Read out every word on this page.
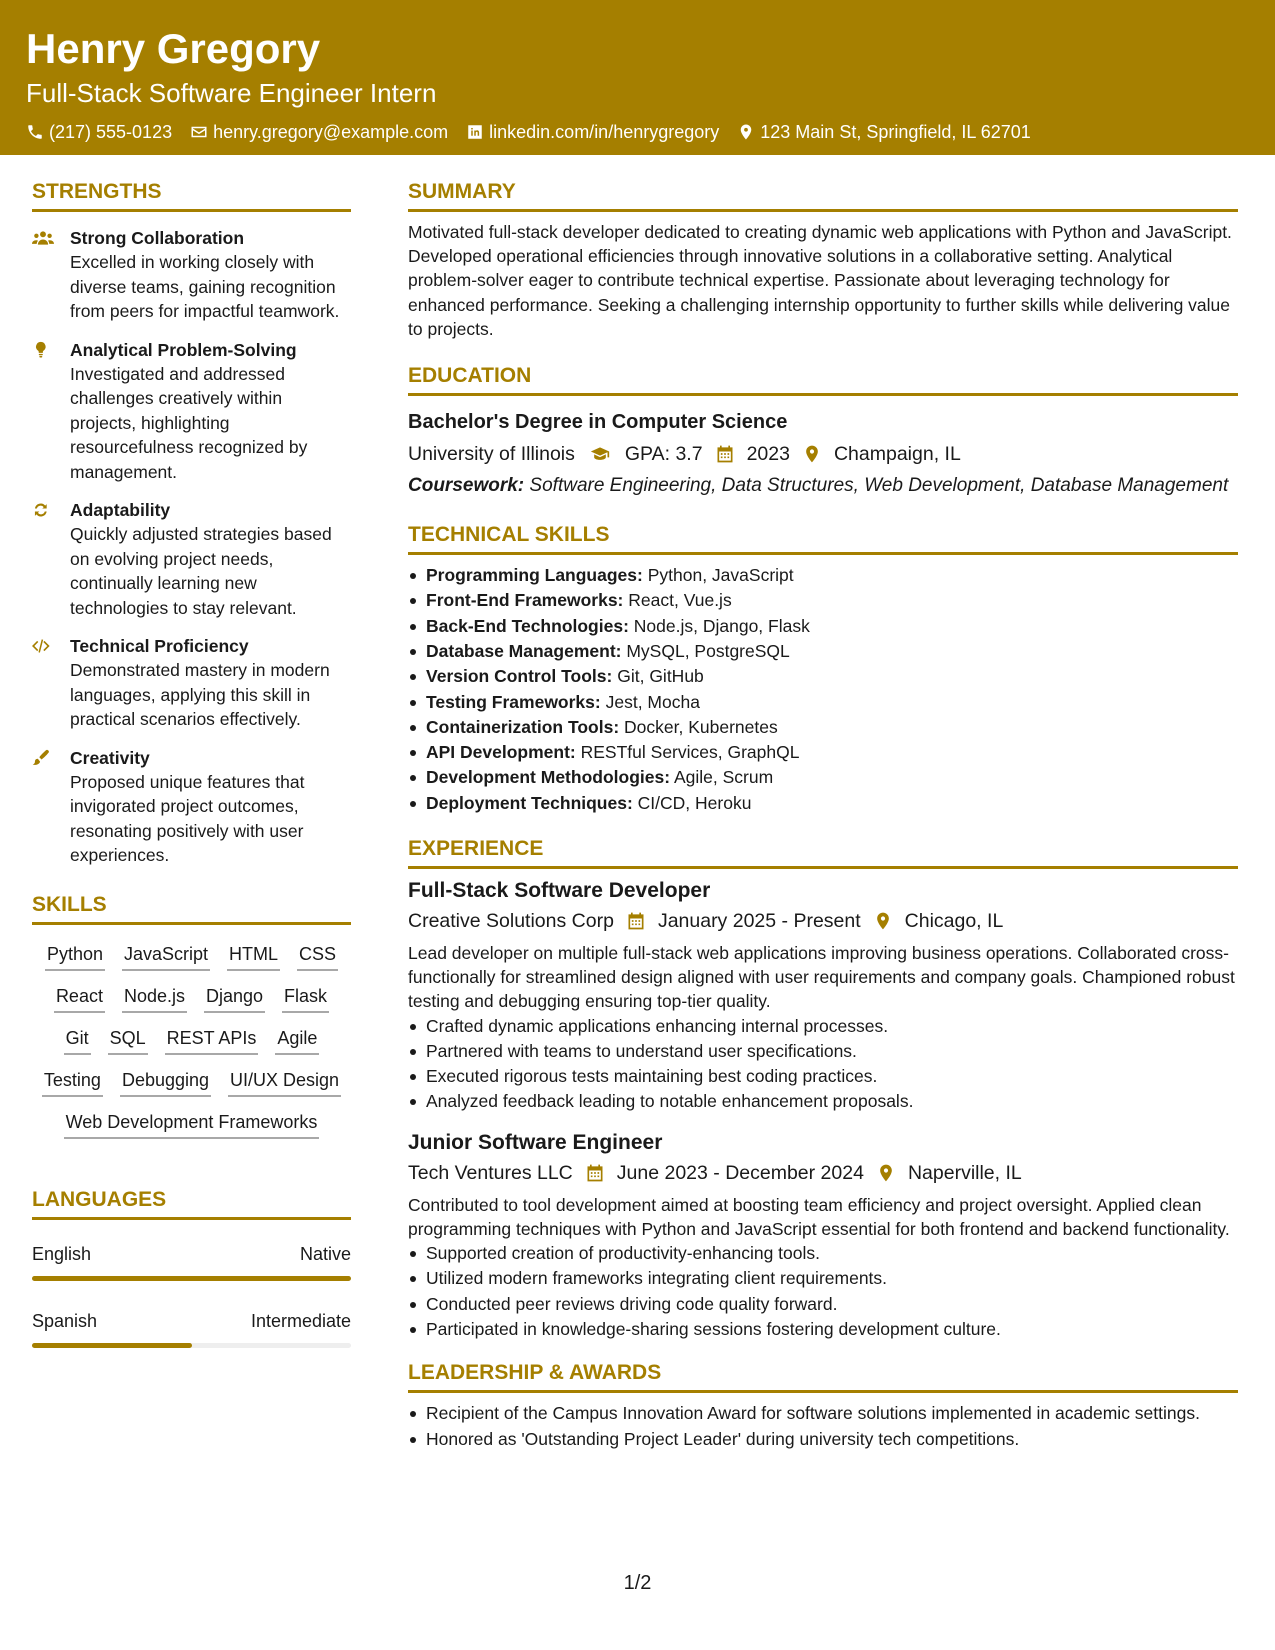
Henry Gregory
Full-Stack Software Engineer Intern
(217) 555-0123 henry.gregory@example.com linkedin.com/in/henrygregory 123 Main St, Springfield, IL 62701
STRENGTHS
Strong Collaboration
Excelled in working closely with diverse teams, gaining recognition from peers for impactful teamwork.
Analytical Problem-Solving
Investigated and addressed challenges creatively within projects, highlighting resourcefulness recognized by management.
Adaptability
Quickly adjusted strategies based on evolving project needs, continually learning new technologies to stay relevant.
Technical Proficiency
Demonstrated mastery in modern languages, applying this skill in practical scenarios effectively.
Creativity
Proposed unique features that invigorated project outcomes, resonating positively with user experiences.
SKILLS
Python JavaScript HTML CSS
React Node.js Django Flask
Git SQL REST APIs Agile
Testing Debugging UI/UX Design
Web Development Frameworks
LANGUAGES
English	Native
Spanish	Intermediate
SUMMARY
Motivated full-stack developer dedicated to creating dynamic web applications with Python and JavaScript. Developed operational efficiencies through innovative solutions in a collaborative setting. Analytical problem-solver eager to contribute technical expertise. Passionate about leveraging technology for enhanced performance. Seeking a challenging internship opportunity to further skills while delivering value to projects.
EDUCATION
Bachelor's Degree in Computer Science
University of Illinois	GPA: 3.7 2023 Champaign, IL
Coursework: Software Engineering, Data Structures, Web Development, Database Management
TECHNICAL SKILLS
Programming Languages: Python, JavaScript
Front-End Frameworks: React, Vue.js
Back-End Technologies: Node.js, Django, Flask
Database Management: MySQL, PostgreSQL
Version Control Tools: Git, GitHub
Testing Frameworks: Jest, Mocha
Containerization Tools: Docker, Kubernetes
API Development: RESTful Services, GraphQL
Development Methodologies: Agile, Scrum
Deployment Techniques: CI/CD, Heroku
EXPERIENCE
Full-Stack Software Developer
Creative Solutions Corp January 2025 - Present Chicago, IL
Lead developer on multiple full-stack web applications improving business operations. Collaborated cross-functionally for streamlined design aligned with user requirements and company goals. Championed robust testing and debugging ensuring top-tier quality.
Crafted dynamic applications enhancing internal processes.
Partnered with teams to understand user specifications.
Executed rigorous tests maintaining best coding practices.
Analyzed feedback leading to notable enhancement proposals.
Junior Software Engineer
Tech Ventures LLC June 2023 - December 2024 Naperville, IL
Contributed to tool development aimed at boosting team efficiency and project oversight. Applied clean programming techniques with Python and JavaScript essential for both frontend and backend functionality.
Supported creation of productivity-enhancing tools.
Utilized modern frameworks integrating client requirements.
Conducted peer reviews driving code quality forward.
Participated in knowledge-sharing sessions fostering development culture.
LEADERSHIP & AWARDS
Recipient of the Campus Innovation Award for software solutions implemented in academic settings.
Honored as 'Outstanding Project Leader' during university tech competitions.
1/2
